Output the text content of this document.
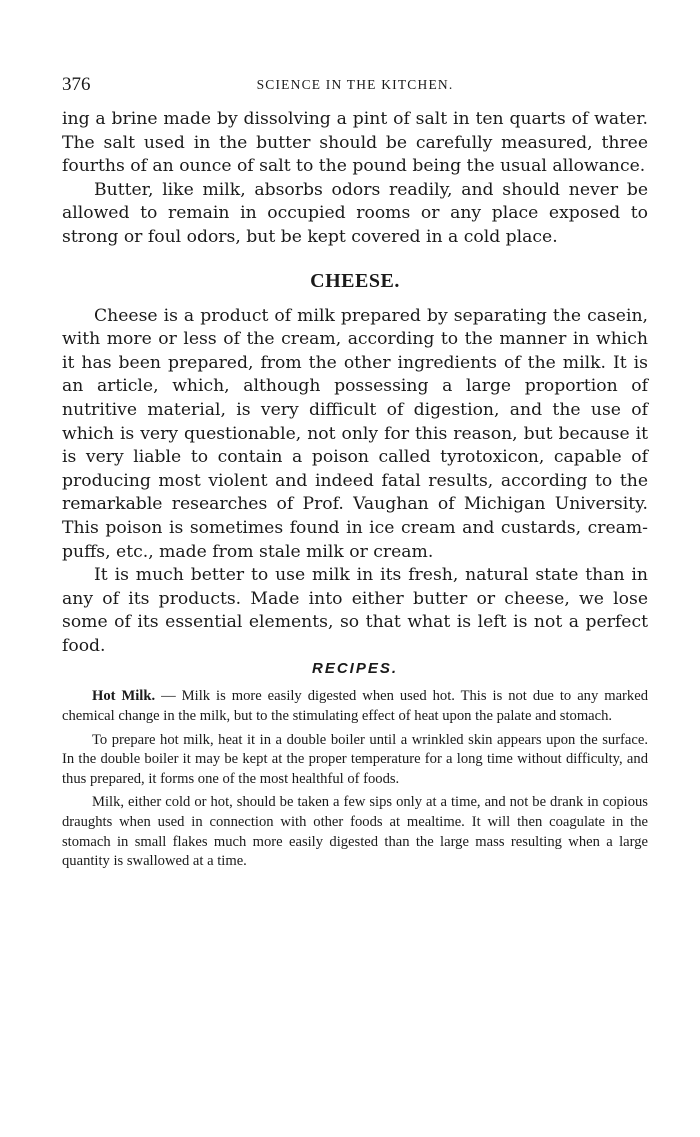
376	SCIENCE IN THE KITCHEN.

ing a brine made by dissolving a pint of salt in ten quarts of water. The salt used in the butter should be carefully measured, three fourths of an ounce of salt to the pound being the usual allowance.

Butter, like milk, absorbs odors readily, and should never be allowed to remain in occupied rooms or any place exposed to strong or foul odors, but be kept covered in a cold place.

CHEESE.

Cheese is a product of milk prepared by separating the casein, with more or less of the cream, according to the manner in which it has been prepared, from the other ingredients of the milk. It is an article, which, although possessing a large proportion of nutritive material, is very difficult of digestion, and the use of which is very questionable, not only for this reason, but because it is very liable to contain a poison called tyrotoxicon, capable of producing most violent and indeed fatal results, according to the remarkable researches of Prof. Vaughan of Michigan University. This poison is sometimes found in ice cream and custards, cream-puffs, etc., made from stale milk or cream.

It is much better to use milk in its fresh, natural state than in any of its products. Made into either butter or cheese, we lose some of its essential elements, so that what is left is not a perfect food.

RECIPES.

Hot Milk. — Milk is more easily digested when used hot. This is not due to any marked chemical change in the milk, but to the stimulating effect of heat upon the palate and stomach.

To prepare hot milk, heat it in a double boiler until a wrinkled skin appears upon the surface. In the double boiler it may be kept at the proper temperature for a long time without difficulty, and thus prepared, it forms one of the most healthful of foods.

Milk, either cold or hot, should be taken a few sips only at a time, and not be drank in copious draughts when used in connection with other foods at mealtime. It will then coagulate in the stomach in small flakes much more easily digested than the large mass resulting when a large quantity is swallowed at a time.
